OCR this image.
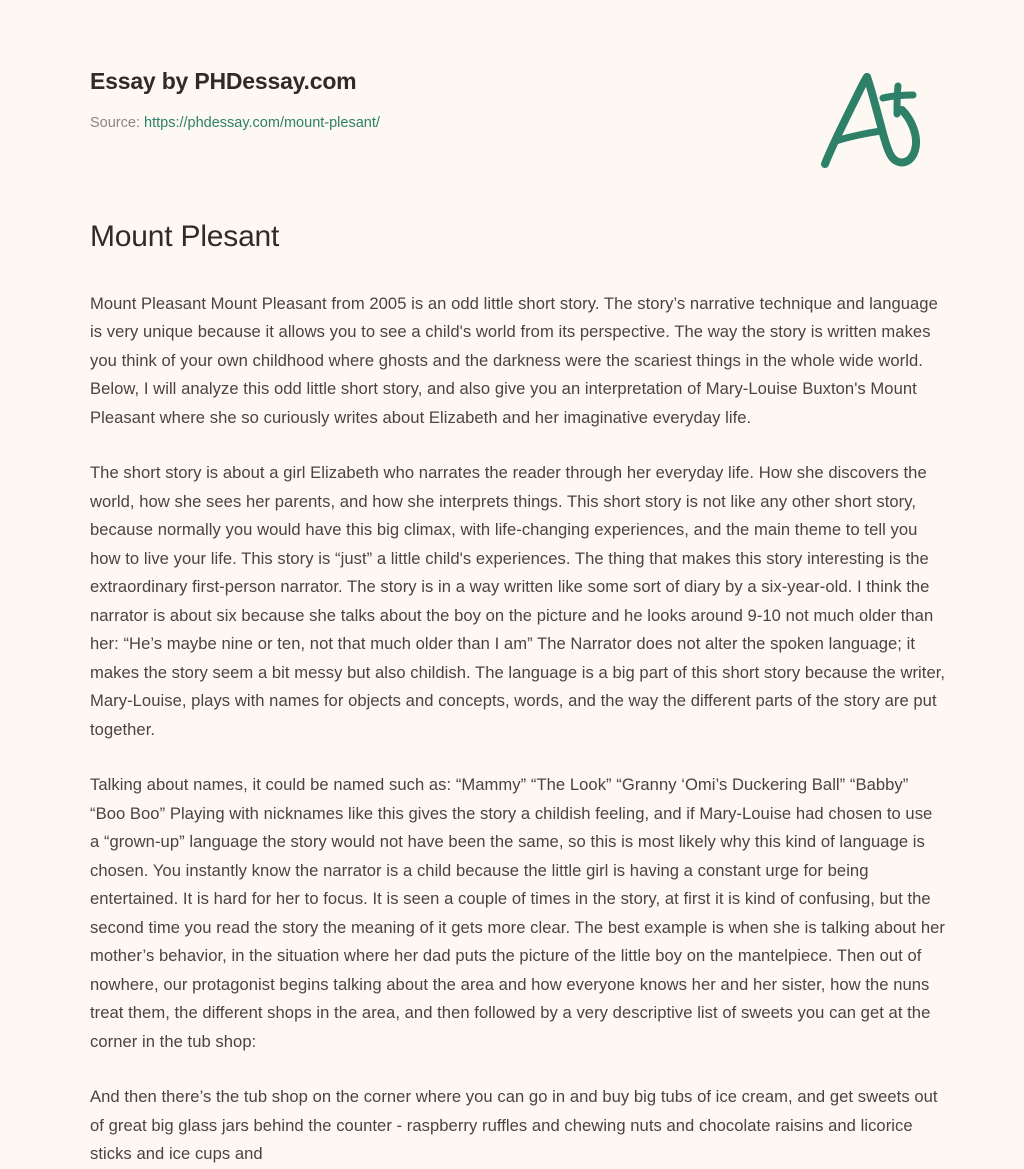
Essay by PHDessay.com
Source: https://phdessay.com/mount-plesant/
Mount Plesant

Mount Pleasant Mount Pleasant from 2005 is an odd little short story. The story’s narrative technique and language is very unique because it allows you to see a child's world from its perspective. The way the story is written makes you think of your own childhood where ghosts and the darkness were the scariest things in the whole wide world. Below, I will analyze this odd little short story, and also give you an interpretation of Mary-Louise Buxton's Mount Pleasant where she so curiously writes about Elizabeth and her imaginative everyday life.

The short story is about a girl Elizabeth who narrates the reader through her everyday life. How she discovers the world, how she sees her parents, and how she interprets things. This short story is not like any other short story, because normally you would have this big climax, with life-changing experiences, and the main theme to tell you how to live your life. This story is “just” a little child's experiences. The thing that makes this story interesting is the extraordinary first-person narrator. The story is in a way written like some sort of diary by a six-year-old. I think the narrator is about six because she talks about the boy on the picture and he looks around 9-10 not much older than her: “He’s maybe nine or ten, not that much older than I am” The Narrator does not alter the spoken language; it makes the story seem a bit messy but also childish. The language is a big part of this short story because the writer, Mary-Louise, plays with names for objects and concepts, words, and the way the different parts of the story are put together.

Talking about names, it could be named such as: “Mammy” “The Look” “Granny ‘Omi’s Duckering Ball” “Babby” “Boo Boo” Playing with nicknames like this gives the story a childish feeling, and if Mary-Louise had chosen to use a “grown-up” language the story would not have been the same, so this is most likely why this kind of language is chosen. You instantly know the narrator is a child because the little girl is having a constant urge for being entertained. It is hard for her to focus. It is seen a couple of times in the story, at first it is kind of confusing, but the second time you read the story the meaning of it gets more clear. The best example is when she is talking about her mother’s behavior, in the situation where her dad puts the picture of the little boy on the mantelpiece. Then out of nowhere, our protagonist begins talking about the area and how everyone knows her and her sister, how the nuns treat them, the different shops in the area, and then followed by a very descriptive list of sweets you can get at the corner in the tub shop:

And then there’s the tub shop on the corner where you can go in and buy big tubs of ice cream, and get sweets out of great big glass jars behind the counter - raspberry ruffles and chewing nuts and chocolate raisins and licorice sticks and ice cups and
